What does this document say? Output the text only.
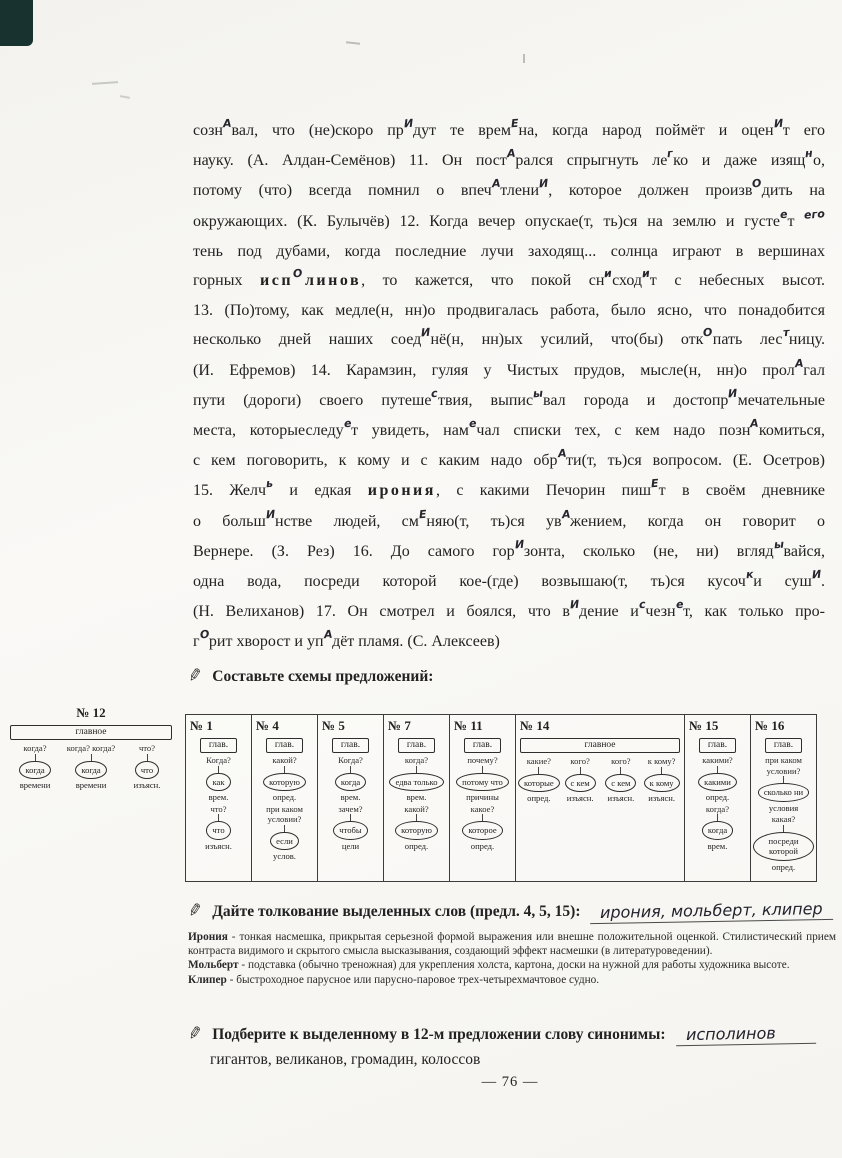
сознАвал, что (не)скоро прИдут те времЕна, когда народ поймёт и оценИт его
науку. (А. Алдан-Семёнов) 11. Он постАрался спрыгнуть легко и даже изящно,
потому (что) всегда помнил о впечАтлениИ, которое должен произвОдить на
окружающих. (К. Булычёв) 12. Когда вечер опускае(т, ть)ся на землю и густеет его
тень под дубами, когда последние лучи заходящ... солнца играют в вершинах
горных испОлинов, то кажется, что покой снисходит с небесных высот.
13. (По)тому, как медле(н, нн)о продвигалась работа, было ясно, что понадобится
несколько дней наших соедИнё(н, нн)ых усилий, что(бы) откОпать лестницу.
(И. Ефремов) 14. Карамзин, гуляя у Чистых прудов, мысле(н, нн)о пролАгал
пути (дороги) своего путешествия, выписывал города и достопрИмечательные
места, которыеследует увидеть, намечал списки тех, с кем надо познАкомиться,
с кем поговорить, к кому и с каким надо обрАти(т, ть)ся вопросом. (Е. Осетров)
15. Желчь и едкая ирония, с какими Печорин пишЕт в своём дневнике
о большИнстве людей, смЕняю(т, ть)ся увАжением, когда он говорит о
Вернере. (З. Рез) 16. До самого горИзонта, сколько (не, ни) вглядывайся,
одна вода, посреди которой кое-(где) возвышаю(т, ть)ся кусочки сушИ.
(Н. Велиханов) 17. Он смотрел и боялся, что вИдение исчезнет, как только про-
гОрит хворост и упАдёт пламя. (С. Алексеев)
✎ Составьте схемы предложений:
№ 12
главное
когда?
когда
времени
когда? когда?
когда
времени
что?
что
изъясн.
№ 1
глав.
Когда?
как
врем.
что?
что
изъясн.
№ 4
глав.
какой?
которую
опред.
при каком условии?
если
услов.
№ 5
глав.
Когда?
когда
врем.
зачем?
чтобы
цели
№ 7
глав.
когда?
едва только
врем.
какой?
которую
опред.
№ 11
глав.
почему?
потому что
причины
какое?
которое
опред.
№ 14
главное
какие?
которые
опред.
кого?
с кем
изъясн.
кого?
с кем
изъясн.
к кому?
к кому
изъясн.
№ 15
глав.
какими?
какими
опред.
когда?
когда
врем.
№ 16
глав.
при каком условии?
сколько ни
условия
какая?
посреди которой
опред.
✎ Дайте толкование выделенных слов (предл. 4, 5, 15):	ирония, мольберт, клипер
Ирония - тонкая насмешка, прикрытая серьезной формой выражения или внешне положительной оценкой. Стилистический прием контраста видимого и скрытого смысла высказывания, создающий эффект насмешки (в литературоведении).
Мольберт - подставка (обычно треножная) для укрепления холста, картона, доски на нужной для работы художника высоте.
Клипер - быстроходное парусное или парусно-паровое трех-четырехмачтовое судно.
✎ Подберите к выделенному в 12-м предложении слову синонимы:	исполинов
гигантов, великанов, громадин, колоссов
— 76 —
